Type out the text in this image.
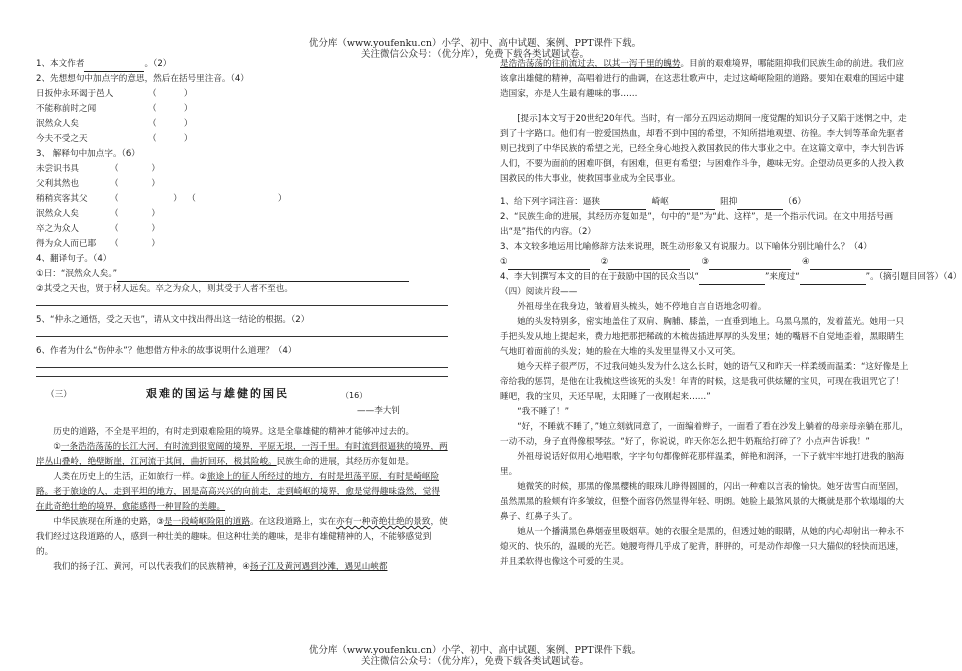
优分库（www.youfenku.cn）小学、初中、高中试题、案例、PPT课件下载。
关注微信公众号：（优分库），免费下载各类试题试卷。
1、本文作者	。（2）
2、先想想句中加点字的意思，然后在括号里注音。（4）
日扳仲永环谒于邑人	（          ）
不能称前时之闻	（          ）
泯然众人矣	（          ）
今夫不受之天	（          ）
3、 解释句中加点字。（6）
未尝识书具	（            ）
父利其然也	（            ）
稍稍宾客其父	（                    ）  （                              ）
泯然众人矣	（            ）
卒之为众人	（            ）
得为众人而已耶 （            ）
4、翻译句子。（4）
①曰：“泯然众人矣。”
②其受之天也，贤于材人远矣。卒之为众人，则其受于人者不至也。
5、“仲永之通悟，受之天也”，请从文中找出得出这一结论的根据。（2）
6、作者为什么“伤仲永”？他想借方仲永的故事说明什么道理？（4）
（三）	艰难的国运与雄健的国民	（16）
——李大钊
历史的道路，不全是平坦的，有时走到艰难险阻的境界。这是全靠雄健的精神才能够冲过去的。
①一条浩浩荡荡的长江大河，有时流到很宽阔的境界，平原无垠，一泻千里。有时流到很逼狭的境界，两岸丛山叠岭，绝壁断崖，江河流于其间，曲折回环，极其险峻。民族生命的进展，其经历亦复如是。
人类在历史上的生活，正如旅行一样。②旅途上的征人所经过的地方，有时是坦荡平原，有时是崎岖险路。老于旅途的人，走到平坦的地方，固是高高兴兴的向前走，走到崎岖的境界，愈是觉得趣味盎然，觉得在此奇绝壮绝的境界，愈能感得一种冒险的美趣。
中华民族现在所逢的史路，③是一段崎岖险阻的道路。在这段道路上，实在亦有一种奇绝壮绝的景致，使我们经过这段道路的人，感到一种壮美的趣味。但这种壮美的趣味，是非有雄健精神的人，不能够感觉到的。
我们的扬子江、黄河，可以代表我们的民族精神，④扬子江及黄河遇到沙滩，遇见山峡都
是浩浩荡荡的往前流过去，以其一泻千里的魄势。目前的艰难境界，哪能阻抑我们民族生命的前进。我们应该拿出雄健的精神，高唱着进行的曲调，在这悲壮歌声中，走过这崎岖险阻的道路。要知在艰难的国运中建造国家，亦是人生最有趣味的事……
[提示]本文写于20世纪20年代。当时，有一部分五四运动期间一度觉醒的知识分子又陷于迷惘之中，走到了十字路口。他们有一腔爱国热血，却看不到中国的希望，不知所措地观望、彷徨。李大钊等革命先驱者则已找到了中华民族的希望之光，已经全身心地投入救国救民的伟大事业之中。在这篇文章中，李大钊告诉人们，不要为面前的困难吓倒，有困难，但更有希望；与困难作斗争，趣味无穷。企望动员更多的人投入救国救民的伟大事业，使救国事业成为全民事业。
1、给下列字词注音：逼狭	崎岖	阻抑	（6）
2、“民族生命的进展，其经历亦复如是”，句中的“是”为“此、这样”，是一个指示代词。在文中用括号画出“是”指代的内容。（2）
3、本文较多地运用比喻修辞方法来说理，既生动形象又有说服力。以下喻体分别比喻什么？（4）
①	②	③	④
4、李大钊撰写本文的目的在于鼓励中国的民众当以“	”来度过“	”。（摘引题目回答）（4）
（四）阅读片段——
外祖母坐在我身边，皱着眉头梳头，她不停地自言自语地念叨着。
她的头发特别多，密实地盖住了双肩、胸脯、膝盖，一直垂到地上。乌黑乌黑的，发着蓝光。她用一只手把头发从地上提起来，费力地把那把稀疏的木梳齿插进厚厚的头发里；她的嘴唇不自觉地歪着，黑眼睛生气地盯着面前的头发；她的脸在大堆的头发里显得又小又可笑。
她今天样子很严厉，不过我问她头发为什么这么长时，她的语气又和昨天一样柔缓而温柔：“这好像是上帝给我的惩罚，是他在让我梳这些该死的头发！年青的时候，这是我可供炫耀的宝贝，可现在我诅咒它了！睡吧，我的宝贝，天还早呢，太阳睡了一夜刚起来……”
“我不睡了！”
“好，不睡就不睡了，”她立刻就同意了，一面编着辫子，一面看了看在沙发上躺着的母亲母亲躺在那儿，一动不动，身子直得像根琴弦。“好了，你说说，昨天你怎么把牛奶瓶给打碎了？小点声告诉我！”
外祖母说话好似用心地唱歌，字字句句都像鲜花那样温柔，鲜艳和润泽，一下子就牢牢地打进我的脑海里。
她微笑的时候，那黑的像黑樱桃的眼珠儿睁得圆圆的，闪出一种难以言表的愉快。她牙齿雪白而坚固，虽然黑黑的脸颊有许多皱纹，但整个面容仍然显得年轻、明朗。她脸上最煞风景的大概就是那个软塌塌的大鼻子、红鼻子头了。
她从一个播满黑色鼻烟壶里吸烟草。她的衣服全是黑的，但透过她的眼睛，从她的内心却射出一种永不熄灭的、快乐的，温暖的光芒。她腰弯得几乎成了驼背，胖胖的，可是动作却像一只大猫似的轻快而迅速，并且柔软得也像这个可爱的生灵。
优分库（www.youfenku.cn）小学、初中、高中试题、案例、PPT课件下载。
关注微信公众号：（优分库），免费下载各类试题试卷。
